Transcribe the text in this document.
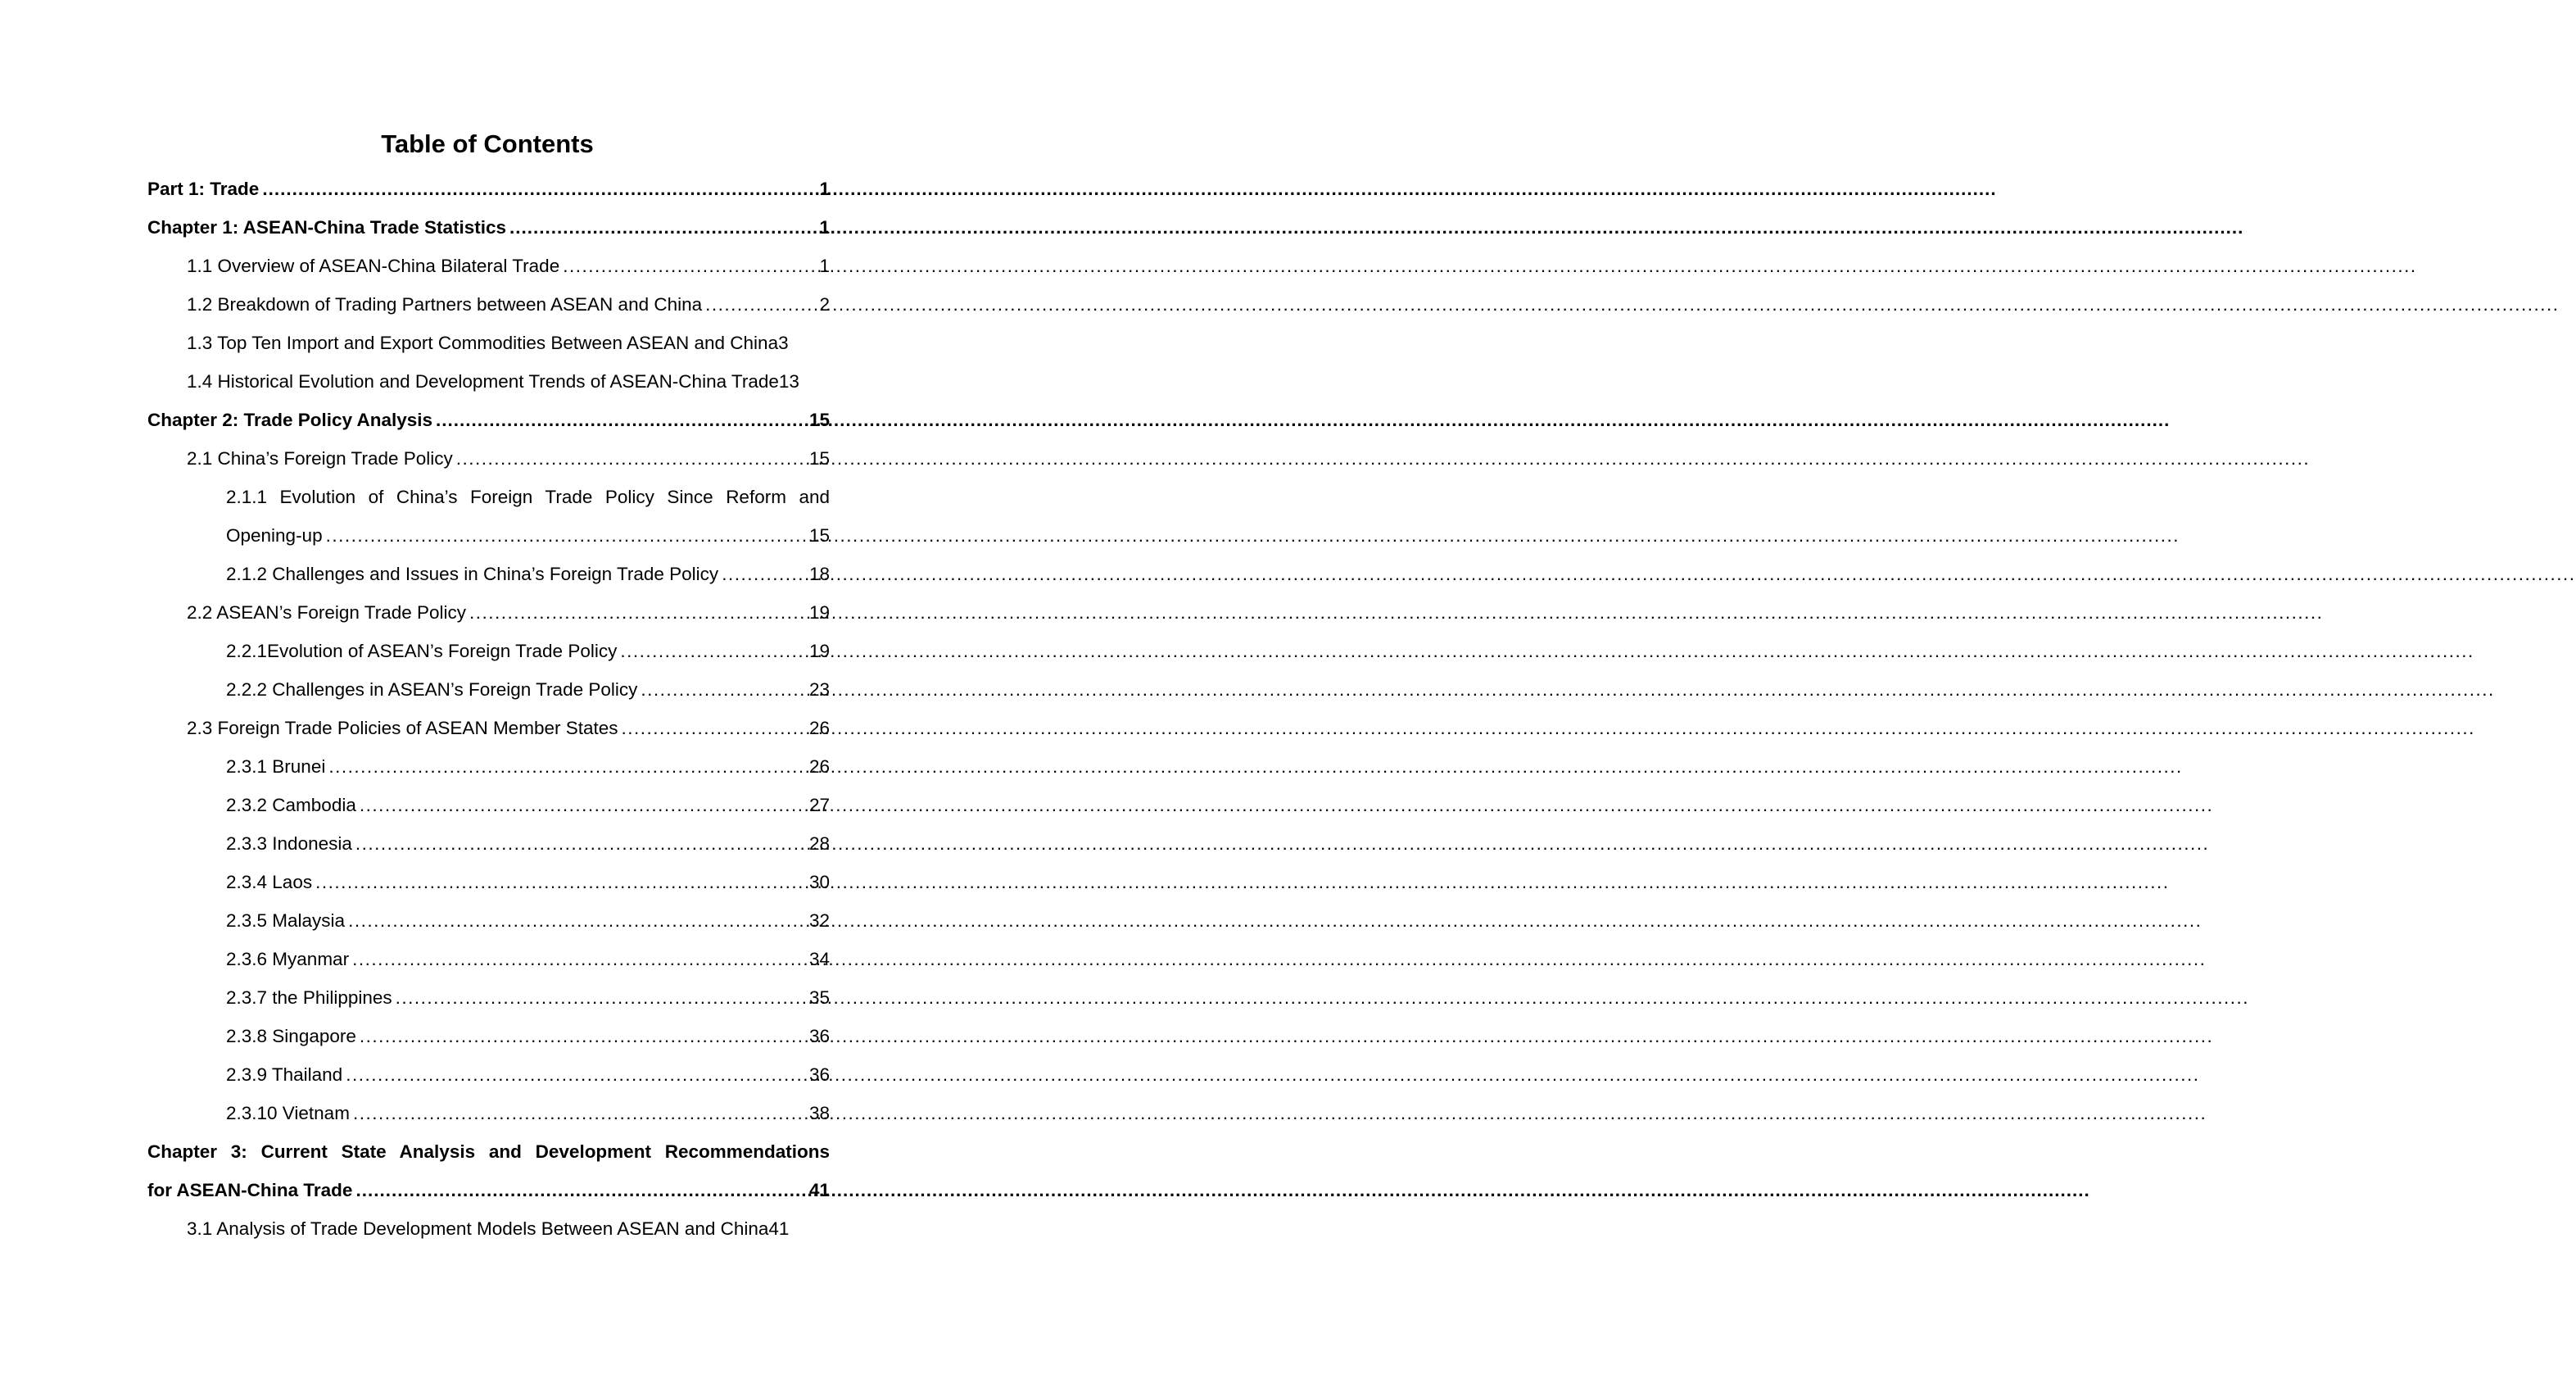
Table of Contents
Part 1: Trade .....	1
Chapter 1: ASEAN-China Trade Statistics .....	1
1.1 Overview of ASEAN-China Bilateral Trade .....	1
1.2 Breakdown of Trading Partners between ASEAN and China .....	2
1.3 Top Ten Import and Export Commodities Between ASEAN and China 3
1.4 Historical Evolution and Development Trends of ASEAN-China Trade 13
Chapter 2: Trade Policy Analysis .....	15
2.1 China’s Foreign Trade Policy .....	15
2.1.1 Evolution of China’s Foreign Trade Policy Since Reform and
Opening-up .....	15
2.1.2 Challenges and Issues in China’s Foreign Trade Policy .....	18
2.2 ASEAN’s Foreign Trade Policy .....	19
2.2.1Evolution of ASEAN’s Foreign Trade Policy .....	19
2.2.2 Challenges in ASEAN’s Foreign Trade Policy .....	23
2.3 Foreign Trade Policies of ASEAN Member States .....	26
2.3.1 Brunei .....	26
2.3.2 Cambodia .....	27
2.3.3 Indonesia .....	28
2.3.4 Laos .....	30
2.3.5 Malaysia .....	32
2.3.6 Myanmar .....	34
2.3.7 the Philippines .....	35
2.3.8 Singapore .....	36
2.3.9 Thailand .....	36
2.3.10 Vietnam .....	38
Chapter 3: Current State Analysis and Development Recommendations
for ASEAN-China Trade .....	41
3.1 Analysis of Trade Development Models Between ASEAN and China 41
